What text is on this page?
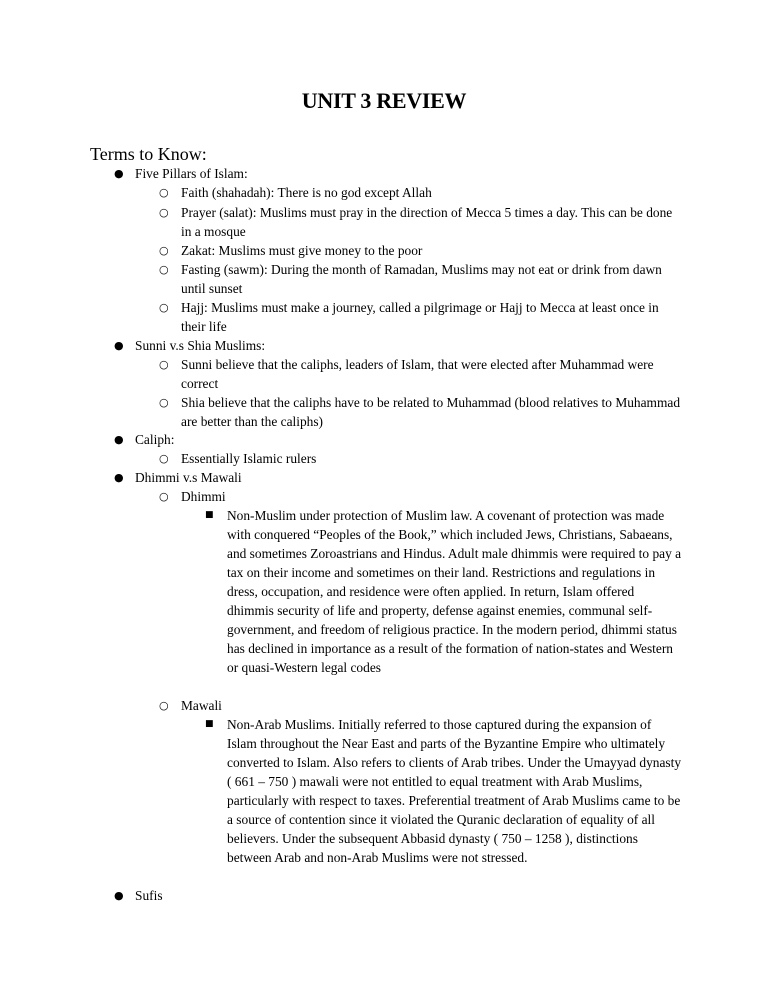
UNIT 3 REVIEW
Terms to Know:
● Five Pillars of Islam:
○ Faith (shahadah): There is no god except Allah
○ Prayer (salat): Muslims must pray in the direction of Mecca 5 times a day. This can be done in a mosque
○ Zakat: Muslims must give money to the poor
○ Fasting (sawm): During the month of Ramadan, Muslims may not eat or drink from dawn until sunset
○ Hajj: Muslims must make a journey, called a pilgrimage or Hajj to Mecca at least once in their life
● Sunni v.s Shia Muslims:
○ Sunni believe that the caliphs, leaders of Islam, that were elected after Muhammad were correct
○ Shia believe that the caliphs have to be related to Muhammad (blood relatives to Muhammad are better than the caliphs)
● Caliph:
○ Essentially Islamic rulers
● Dhimmi v.s Mawali
○ Dhimmi
■ Non-Muslim under protection of Muslim law. A covenant of protection was made with conquered “Peoples of the Book,” which included Jews, Christians, Sabaeans, and sometimes Zoroastrians and Hindus. Adult male dhimmis were required to pay a tax on their income and sometimes on their land. Restrictions and regulations in dress, occupation, and residence were often applied. In return, Islam offered dhimmis security of life and property, defense against enemies, communal self-government, and freedom of religious practice. In the modern period, dhimmi status has declined in importance as a result of the formation of nation-states and Western or quasi-Western legal codes
○ Mawali
■ Non-Arab Muslims. Initially referred to those captured during the expansion of Islam throughout the Near East and parts of the Byzantine Empire who ultimately converted to Islam. Also refers to clients of Arab tribes. Under the Umayyad dynasty ( 661 – 750 ) mawali were not entitled to equal treatment with Arab Muslims, particularly with respect to taxes. Preferential treatment of Arab Muslims came to be a source of contention since it violated the Quranic declaration of equality of all believers. Under the subsequent Abbasid dynasty ( 750 – 1258 ), distinctions between Arab and non-Arab Muslims were not stressed.
● Sufis
